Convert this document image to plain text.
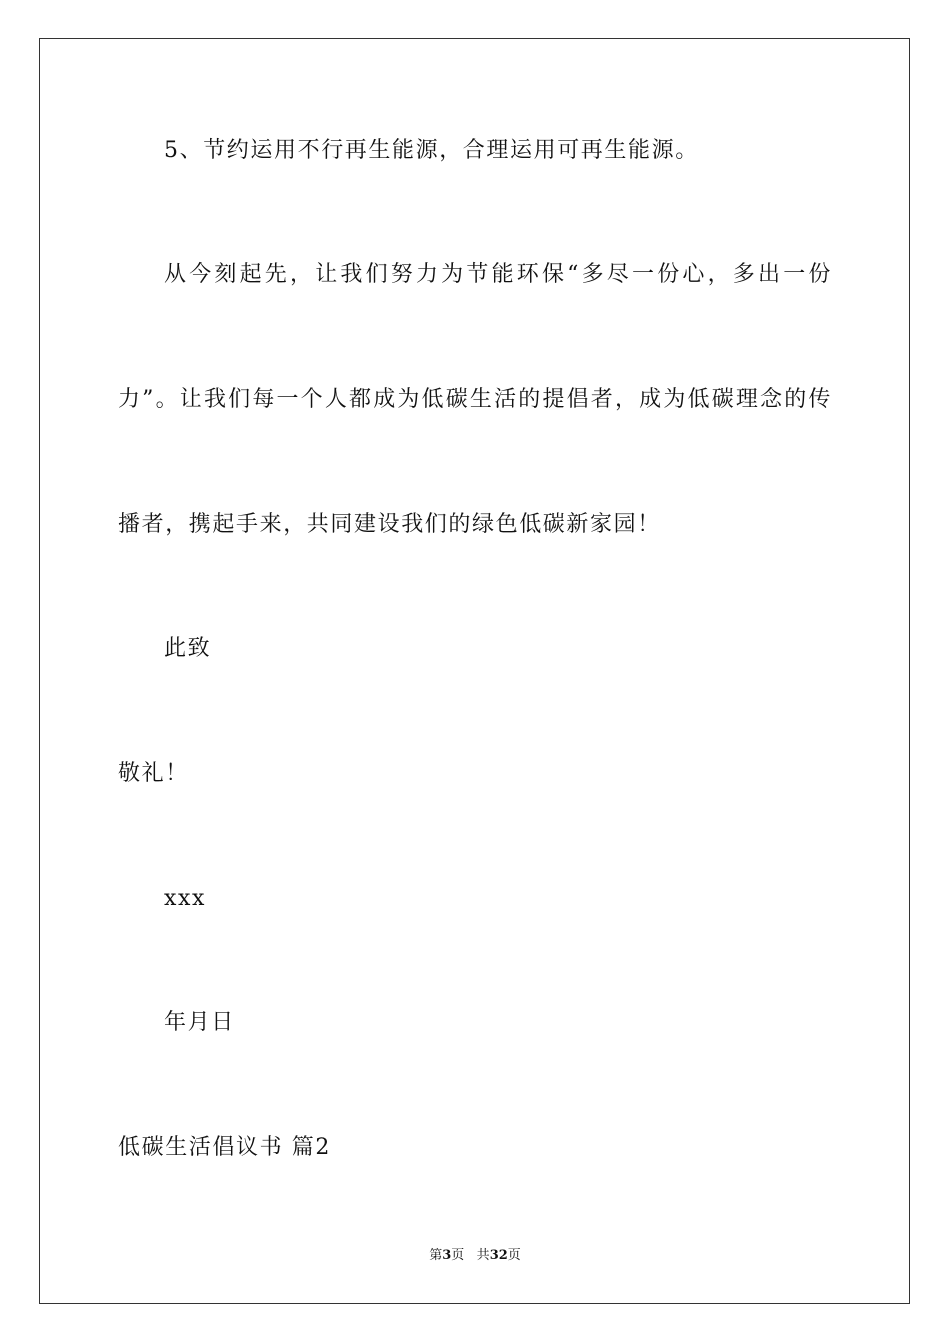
5、节约运用不行再生能源，合理运用可再生能源。
从今刻起先，让我们努力为节能环保“多尽一份心，多出一份
力”。让我们每一个人都成为低碳生活的提倡者，成为低碳理念的传
播者，携起手来，共同建设我们的绿色低碳新家园！
此致
敬礼！
xxx
年月日
低碳生活倡议书 篇2
第3页 共32页
